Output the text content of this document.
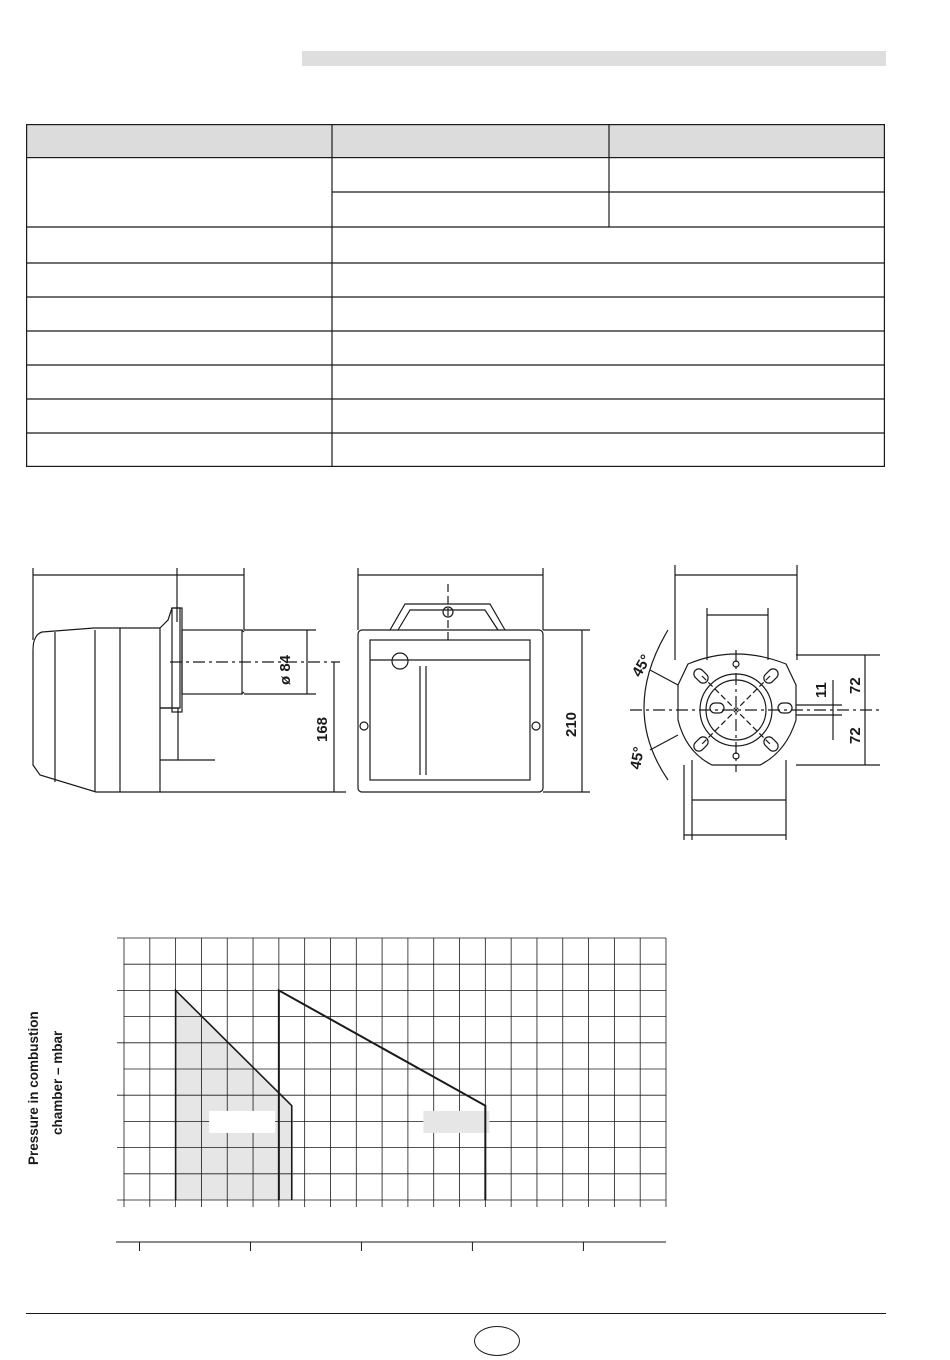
ø 84
168	210
45°
45°
11 72
72
Pressure in combustion chamber – mbar
